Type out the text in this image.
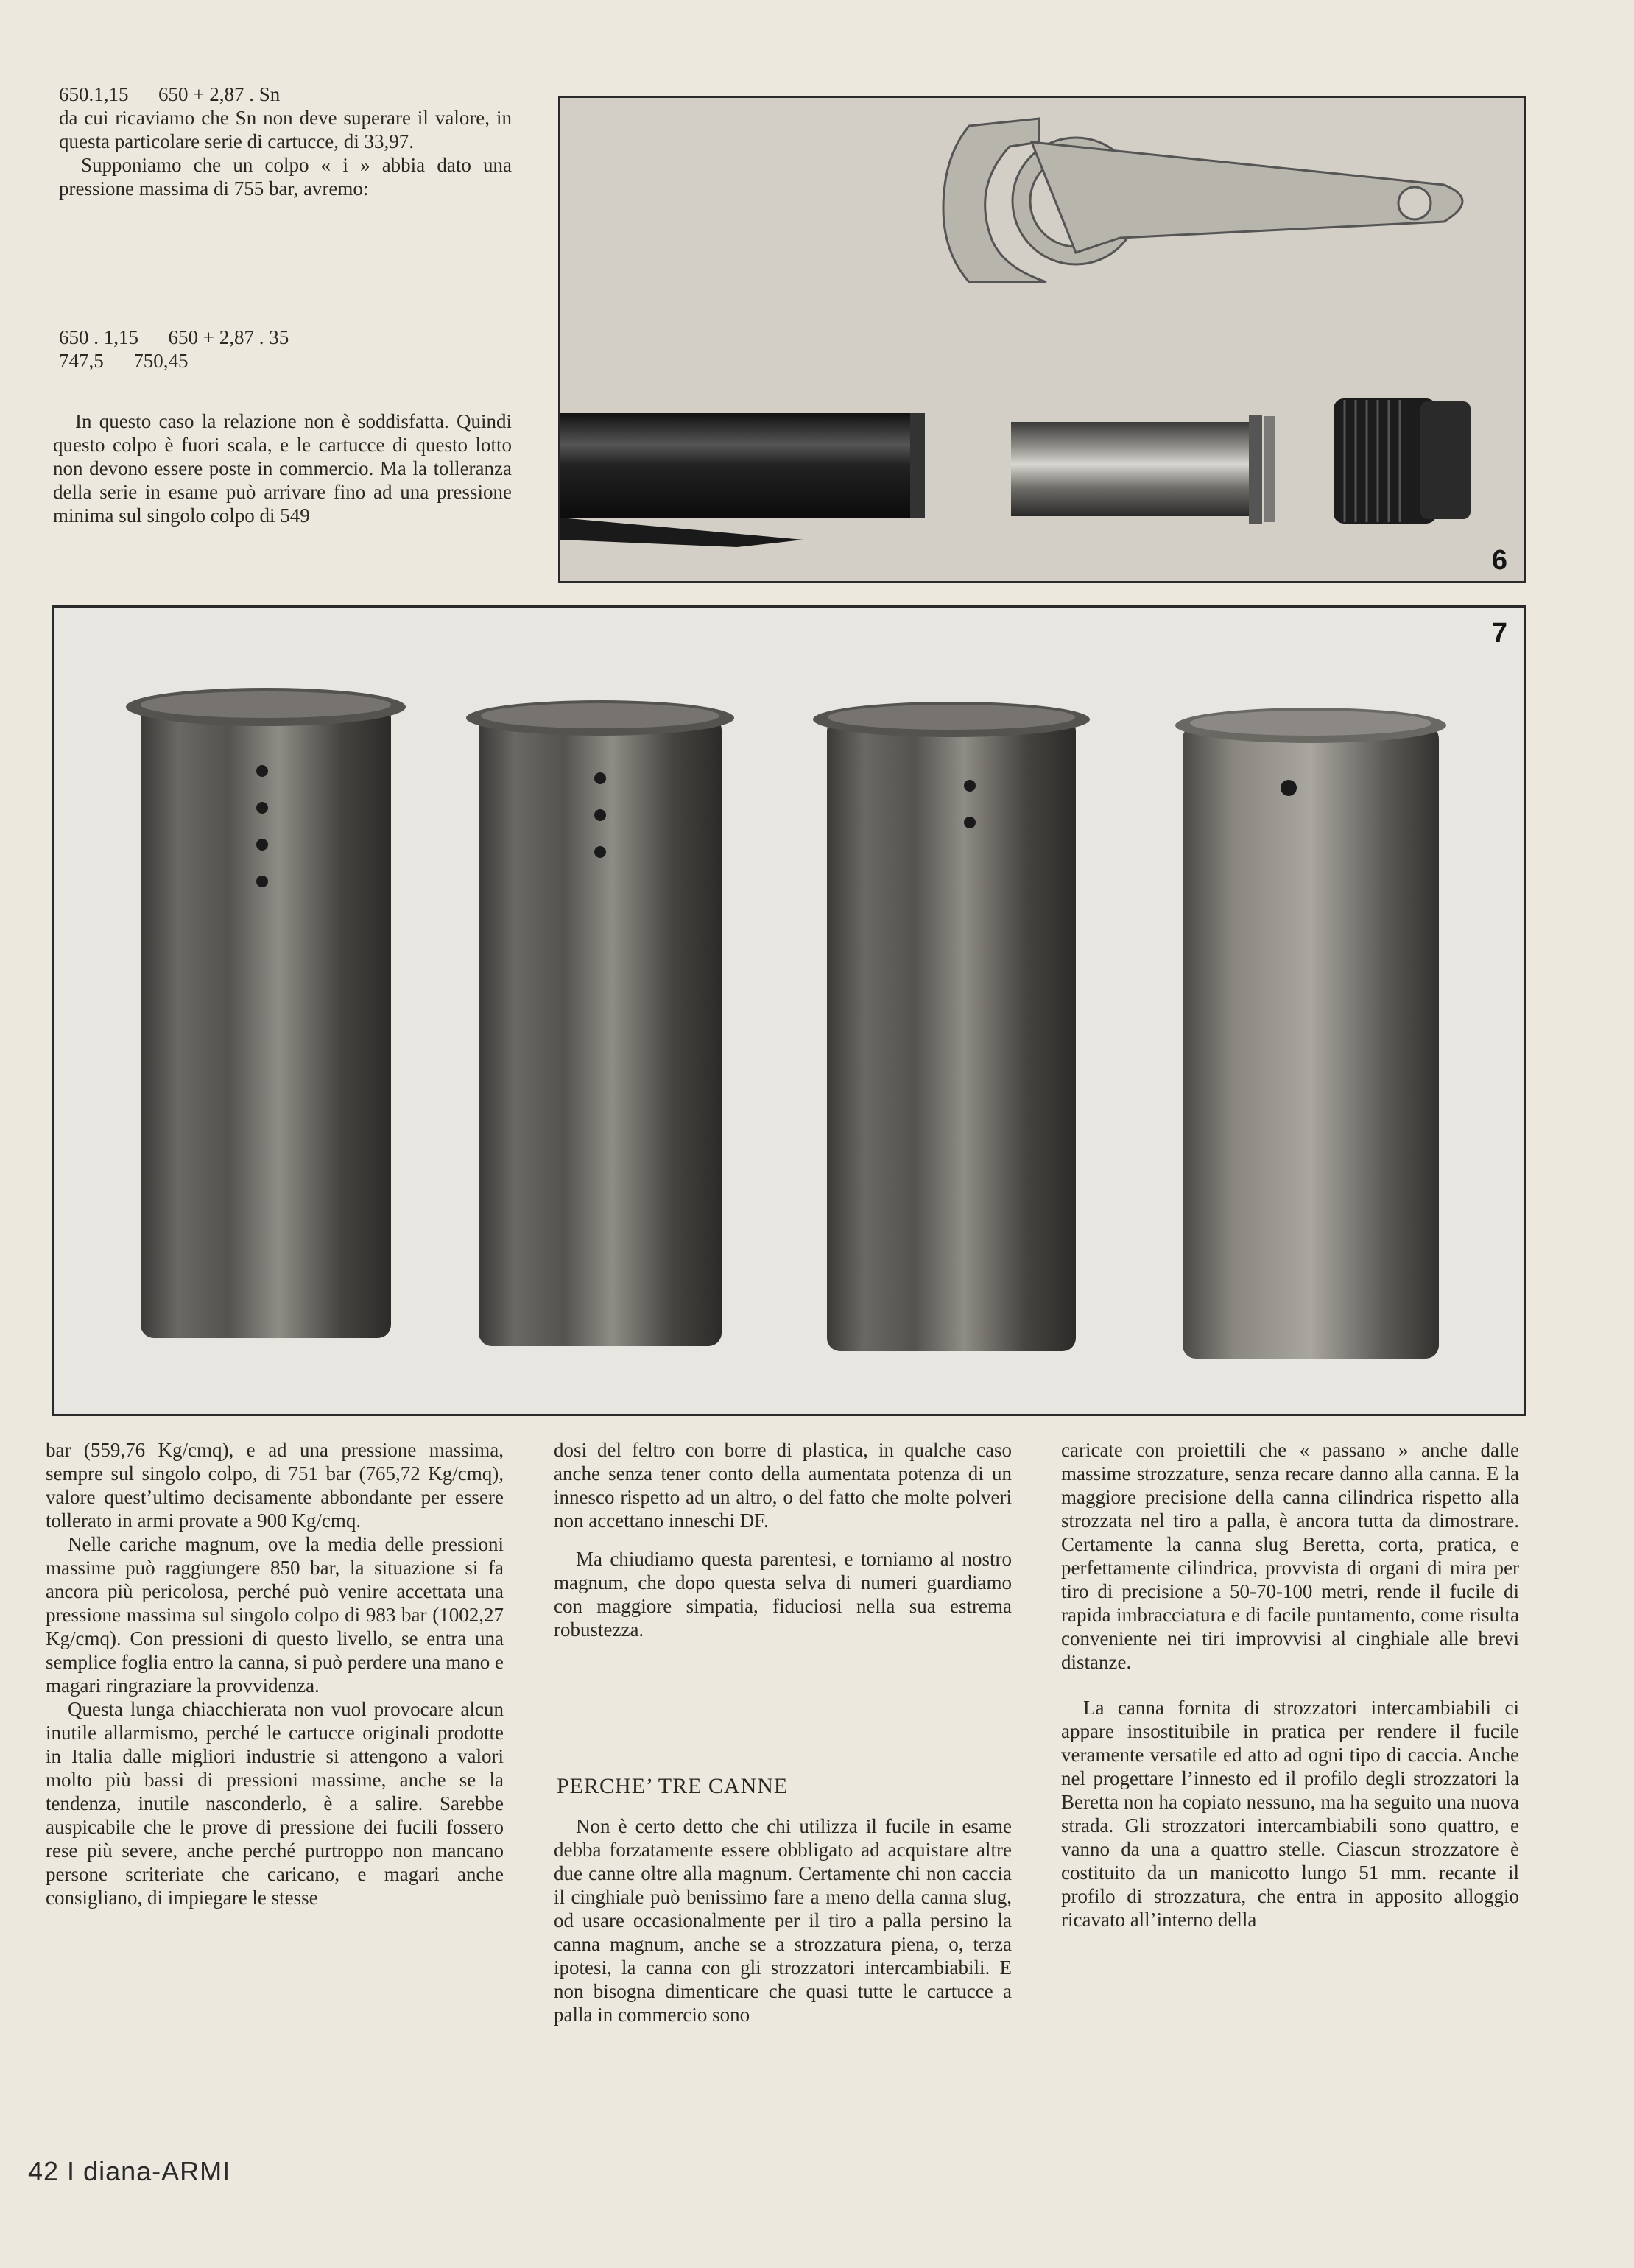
650.1,15      650 + 2,87 . Sn

da cui ricaviamo che Sn non deve superare il valore, in questa particolare serie di cartucce, di 33,97.

Supponiamo che un colpo « i » abbia dato una pressione massima di 755 bar, avremo:

650 . 1,15      650 + 2,87 . 35
747,5      750,45

In questo caso la relazione non è soddisfatta. Quindi questo colpo è fuori scala, e le cartucce di questo lotto non devono essere poste in commercio. Ma la tolleranza della serie in esame può arrivare fino ad una pressione minima sul singolo colpo di 549

6
7

bar (559,76 Kg/cmq), e ad una pressione massima, sempre sul singolo colpo, di 751 bar (765,72 Kg/cmq), valore quest’ultimo decisamente abbondante per essere tollerato in armi provate a 900 Kg/cmq.

Nelle cariche magnum, ove la media delle pressioni massime può raggiungere 850 bar, la situazione si fa ancora più pericolosa, perché può venire accettata una pressione massima sul singolo colpo di 983 bar (1002,27 Kg/cmq). Con pressioni di questo livello, se entra una semplice foglia entro la canna, si può perdere una mano e magari ringraziare la provvidenza.

Questa lunga chiacchierata non vuol provocare alcun inutile allarmismo, perché le cartucce originali prodotte in Italia dalle migliori industrie si attengono a valori molto più bassi di pressioni massime, anche se la tendenza, inutile nasconderlo, è a salire. Sarebbe auspicabile che le prove di pressione dei fucili fossero rese più severe, anche perché purtroppo non mancano persone scriteriate che caricano, e magari anche consigliano, di impiegare le stesse

dosi del feltro con borre di plastica, in qualche caso anche senza tener conto della aumentata potenza di un innesco rispetto ad un altro, o del fatto che molte polveri non accettano inneschi DF.

Ma chiudiamo questa parentesi, e torniamo al nostro magnum, che dopo questa selva di numeri guardiamo con maggiore simpatia, fiduciosi nella sua estrema robustezza.

PERCHE’ TRE CANNE

Non è certo detto che chi utilizza il fucile in esame debba forzatamente essere obbligato ad acquistare altre due canne oltre alla magnum. Certamente chi non caccia il cinghiale può benissimo fare a meno della canna slug, od usare occasionalmente per il tiro a palla persino la canna magnum, anche se a strozzatura piena, o, terza ipotesi, la canna con gli strozzatori intercambiabili. E non bisogna dimenticare che quasi tutte le cartucce a palla in commercio sono

caricate con proiettili che « passano » anche dalle massime strozzature, senza recare danno alla canna. E la maggiore precisione della canna cilindrica rispetto alla strozzata nel tiro a palla, è ancora tutta da dimostrare. Certamente la canna slug Beretta, corta, pratica, e perfettamente cilindrica, provvista di organi di mira per tiro di precisione a 50-70-100 metri, rende il fucile di rapida imbracciatura e di facile puntamento, come risulta conveniente nei tiri improvvisi al cinghiale alle brevi distanze.

La canna fornita di strozzatori intercambiabili ci appare insostituibile in pratica per rendere il fucile veramente versatile ed atto ad ogni tipo di caccia. Anche nel progettare l’innesto ed il profilo degli strozzatori la Beretta non ha copiato nessuno, ma ha seguito una nuova strada. Gli strozzatori intercambiabili sono quattro, e vanno da una a quattro stelle. Ciascun strozzatore è costituito da un manicotto lungo 51 mm. recante il profilo di strozzatura, che entra in apposito alloggio ricavato all’interno della

42 I diana-ARMI
